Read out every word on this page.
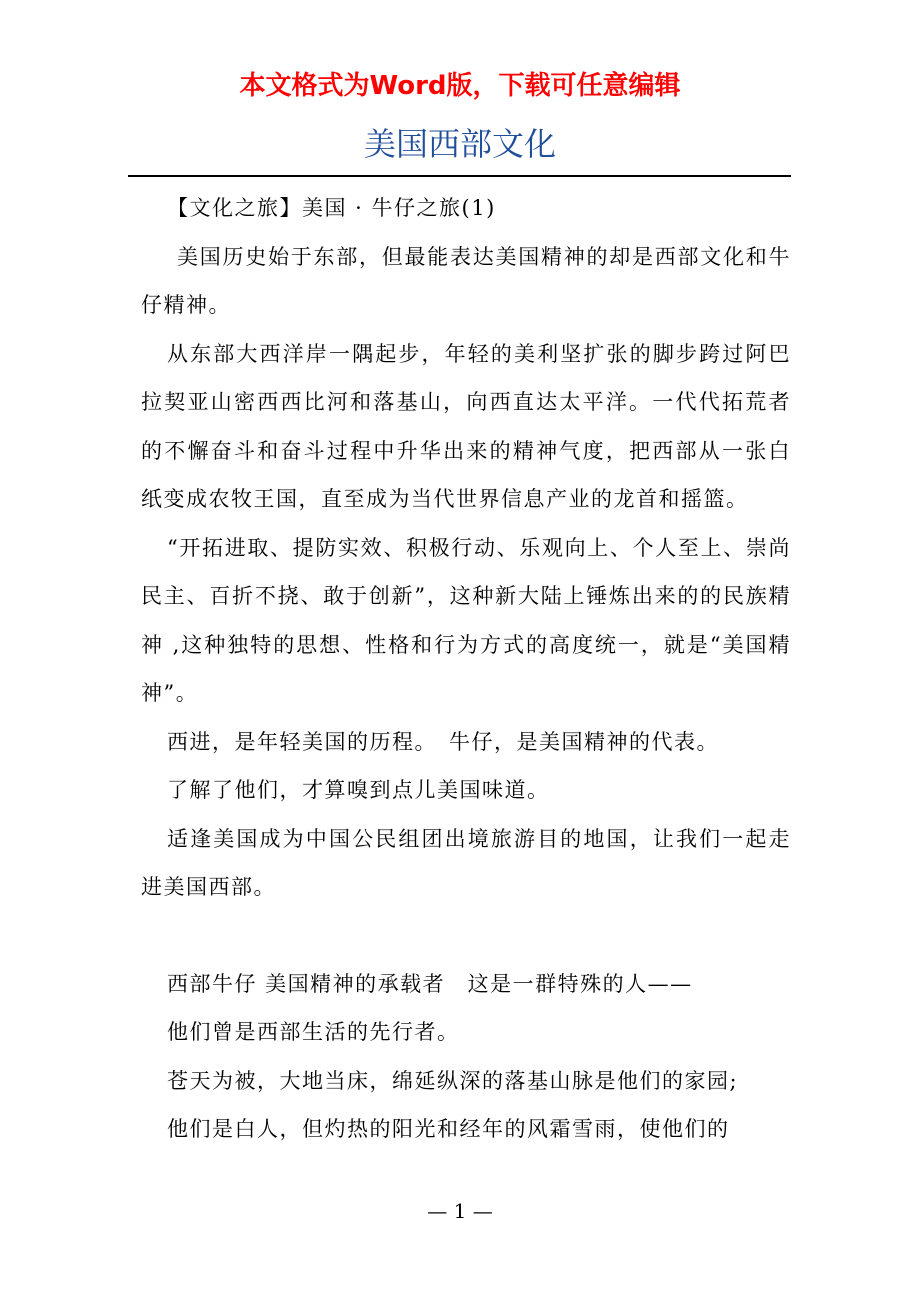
本文格式为Word版，下载可任意编辑
美国西部文化

【文化之旅】美国 · 牛仔之旅(1)

美国历史始于东部，但最能表达美国精神的却是西部文化和牛仔精神。

从东部大西洋岸一隅起步，年轻的美利坚扩张的脚步跨过阿巴拉契亚山密西西比河和落基山，向西直达太平洋。一代代拓荒者的不懈奋斗和奋斗过程中升华出来的精神气度，把西部从一张白纸变成农牧王国，直至成为当代世界信息产业的龙首和摇篮。

“开拓进取、提防实效、积极行动、乐观向上、个人至上、崇尚民主、百折不挠、敢于创新”，这种新大陆上锤炼出来的的民族精神 ,这种独特的思想、性格和行为方式的高度统一，就是“美国精神”。

西进，是年轻美国的历程。　牛仔，是美国精神的代表。

了解了他们，才算嗅到点儿美国味道。

适逢美国成为中国公民组团出境旅游目的地国，让我们一起走进美国西部。

西部牛仔 美国精神的承载者　这是一群特殊的人——

他们曾是西部生活的先行者。

苍天为被，大地当床，绵延纵深的落基山脉是他们的家园;

他们是白人，但灼热的阳光和经年的风霜雪雨，使他们的

— 1 —
